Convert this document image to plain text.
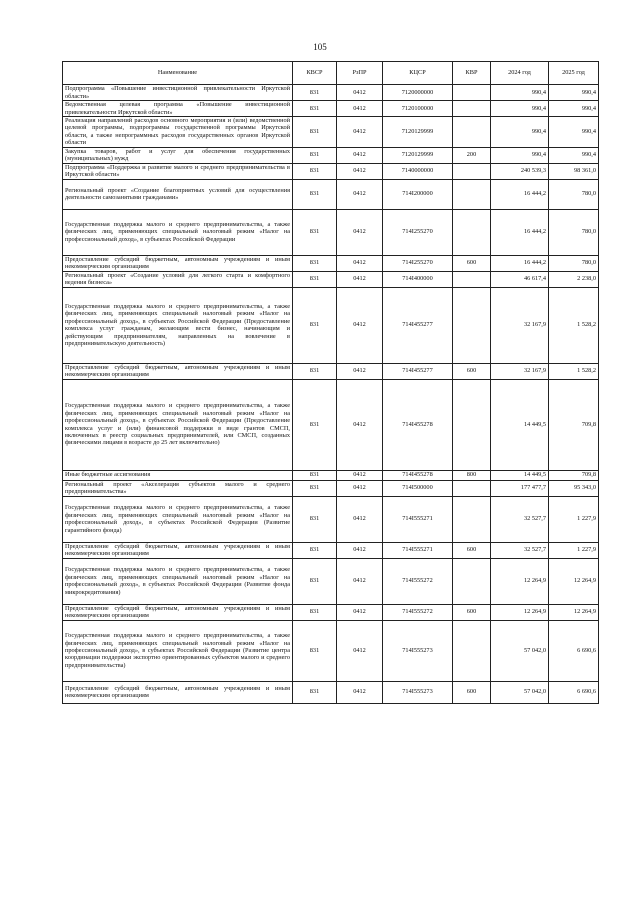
105
Наименование	КВСР	РзПР	КЦСР	КВР	2024 год	2025 год
Подпрограмма «Повышение инвестиционной привлекательности Иркутской области»	831	0412	7120000000		990,4	990,4
Ведомственная целевая программа «Повышение инвестиционной привлекательности Иркутской области»	831	0412	7120100000		990,4	990,4
Реализация направлений расходов основного мероприятия и (или) ведомственной целевой программы, подпрограммы государственной программы Иркутской области, а также непрограммных расходов государственных органов Иркутской области	831	0412	7120129999		990,4	990,4
Закупка товаров, работ и услуг для обеспечения государственных (муниципальных) нужд	831	0412	7120129999	200	990,4	990,4
Подпрограмма «Поддержка и развитие малого и среднего предпринимательства в Иркутской области»	831	0412	7140000000		240 539,3	98 361,0
Региональный проект «Создание благоприятных условий для осуществления деятельности самозанятыми гражданами»	831	0412	714I200000		16 444,2	780,0
Государственная поддержка малого и среднего предпринимательства, а также физических лиц, применяющих специальный налоговый режим «Налог на профессиональный доход», в субъектах Российской Федерации	831	0412	714I255270		16 444,2	780,0
Предоставление субсидий бюджетным, автономным учреждениям и иным некоммерческим организациям	831	0412	714I255270	600	16 444,2	780,0
Региональный проект «Создание условий для легкого старта и комфортного ведения бизнеса»	831	0412	714I400000		46 617,4	2 238,0
Государственная поддержка малого и среднего предпринимательства, а также физических лиц, применяющих специальный налоговый режим «Налог на профессиональный доход», в субъектах Российской Федерации (Предоставление комплекса услуг гражданам, желающим вести бизнес, начинающим и действующим предпринимателям, направленных на вовлечение в предпринимательскую деятельность)	831	0412	714I455277		32 167,9	1 528,2
Предоставление субсидий бюджетным, автономным учреждениям и иным некоммерческим организациям	831	0412	714I455277	600	32 167,9	1 528,2
Государственная поддержка малого и среднего предпринимательства, а также физических лиц, применяющих специальный налоговый режим «Налог на профессиональный доход», в субъектах Российской Федерации (Предоставление комплекса услуг и (или) финансовой поддержки в виде грантов СМСП, включенных в реестр социальных предпринимателей, или СМСП, созданных физическими лицами в возрасте до 25 лет включительно)	831	0412	714I455278		14 449,5	709,8
Иные бюджетные ассигнования	831	0412	714I455278	800	14 449,5	709,8
Региональный проект «Акселерация субъектов малого и среднего предпринимательства»	831	0412	714I500000		177 477,7	95 343,0
Государственная поддержка малого и среднего предпринимательства, а также физических лиц, применяющих специальный налоговый режим «Налог на профессиональный доход», в субъектах Российской Федерации (Развитие гарантийного фонда)	831	0412	714I555271		32 527,7	1 227,9
Предоставление субсидий бюджетным, автономным учреждениям и иным некоммерческим организациям	831	0412	714I555271	600	32 527,7	1 227,9
Государственная поддержка малого и среднего предпринимательства, а также физических лиц, применяющих специальный налоговый режим «Налог на профессиональный доход», в субъектах Российской Федерации (Развитие фонда микрокредитования)	831	0412	714I555272		12 264,9	12 264,9
Предоставление субсидий бюджетным, автономным учреждениям и иным некоммерческим организациям	831	0412	714I555272	600	12 264,9	12 264,9
Государственная поддержка малого и среднего предпринимательства, а также физических лиц, применяющих специальный налоговый режим «Налог на профессиональный доход», в субъектах Российской Федерации (Развитие центра координации поддержки экспортно ориентированных субъектов малого и среднего предпринимательства)	831	0412	714I555273		57 042,0	6 690,6
Предоставление субсидий бюджетным, автономным учреждениям и иным некоммерческим организациям	831	0412	714I555273	600	57 042,0	6 690,6
